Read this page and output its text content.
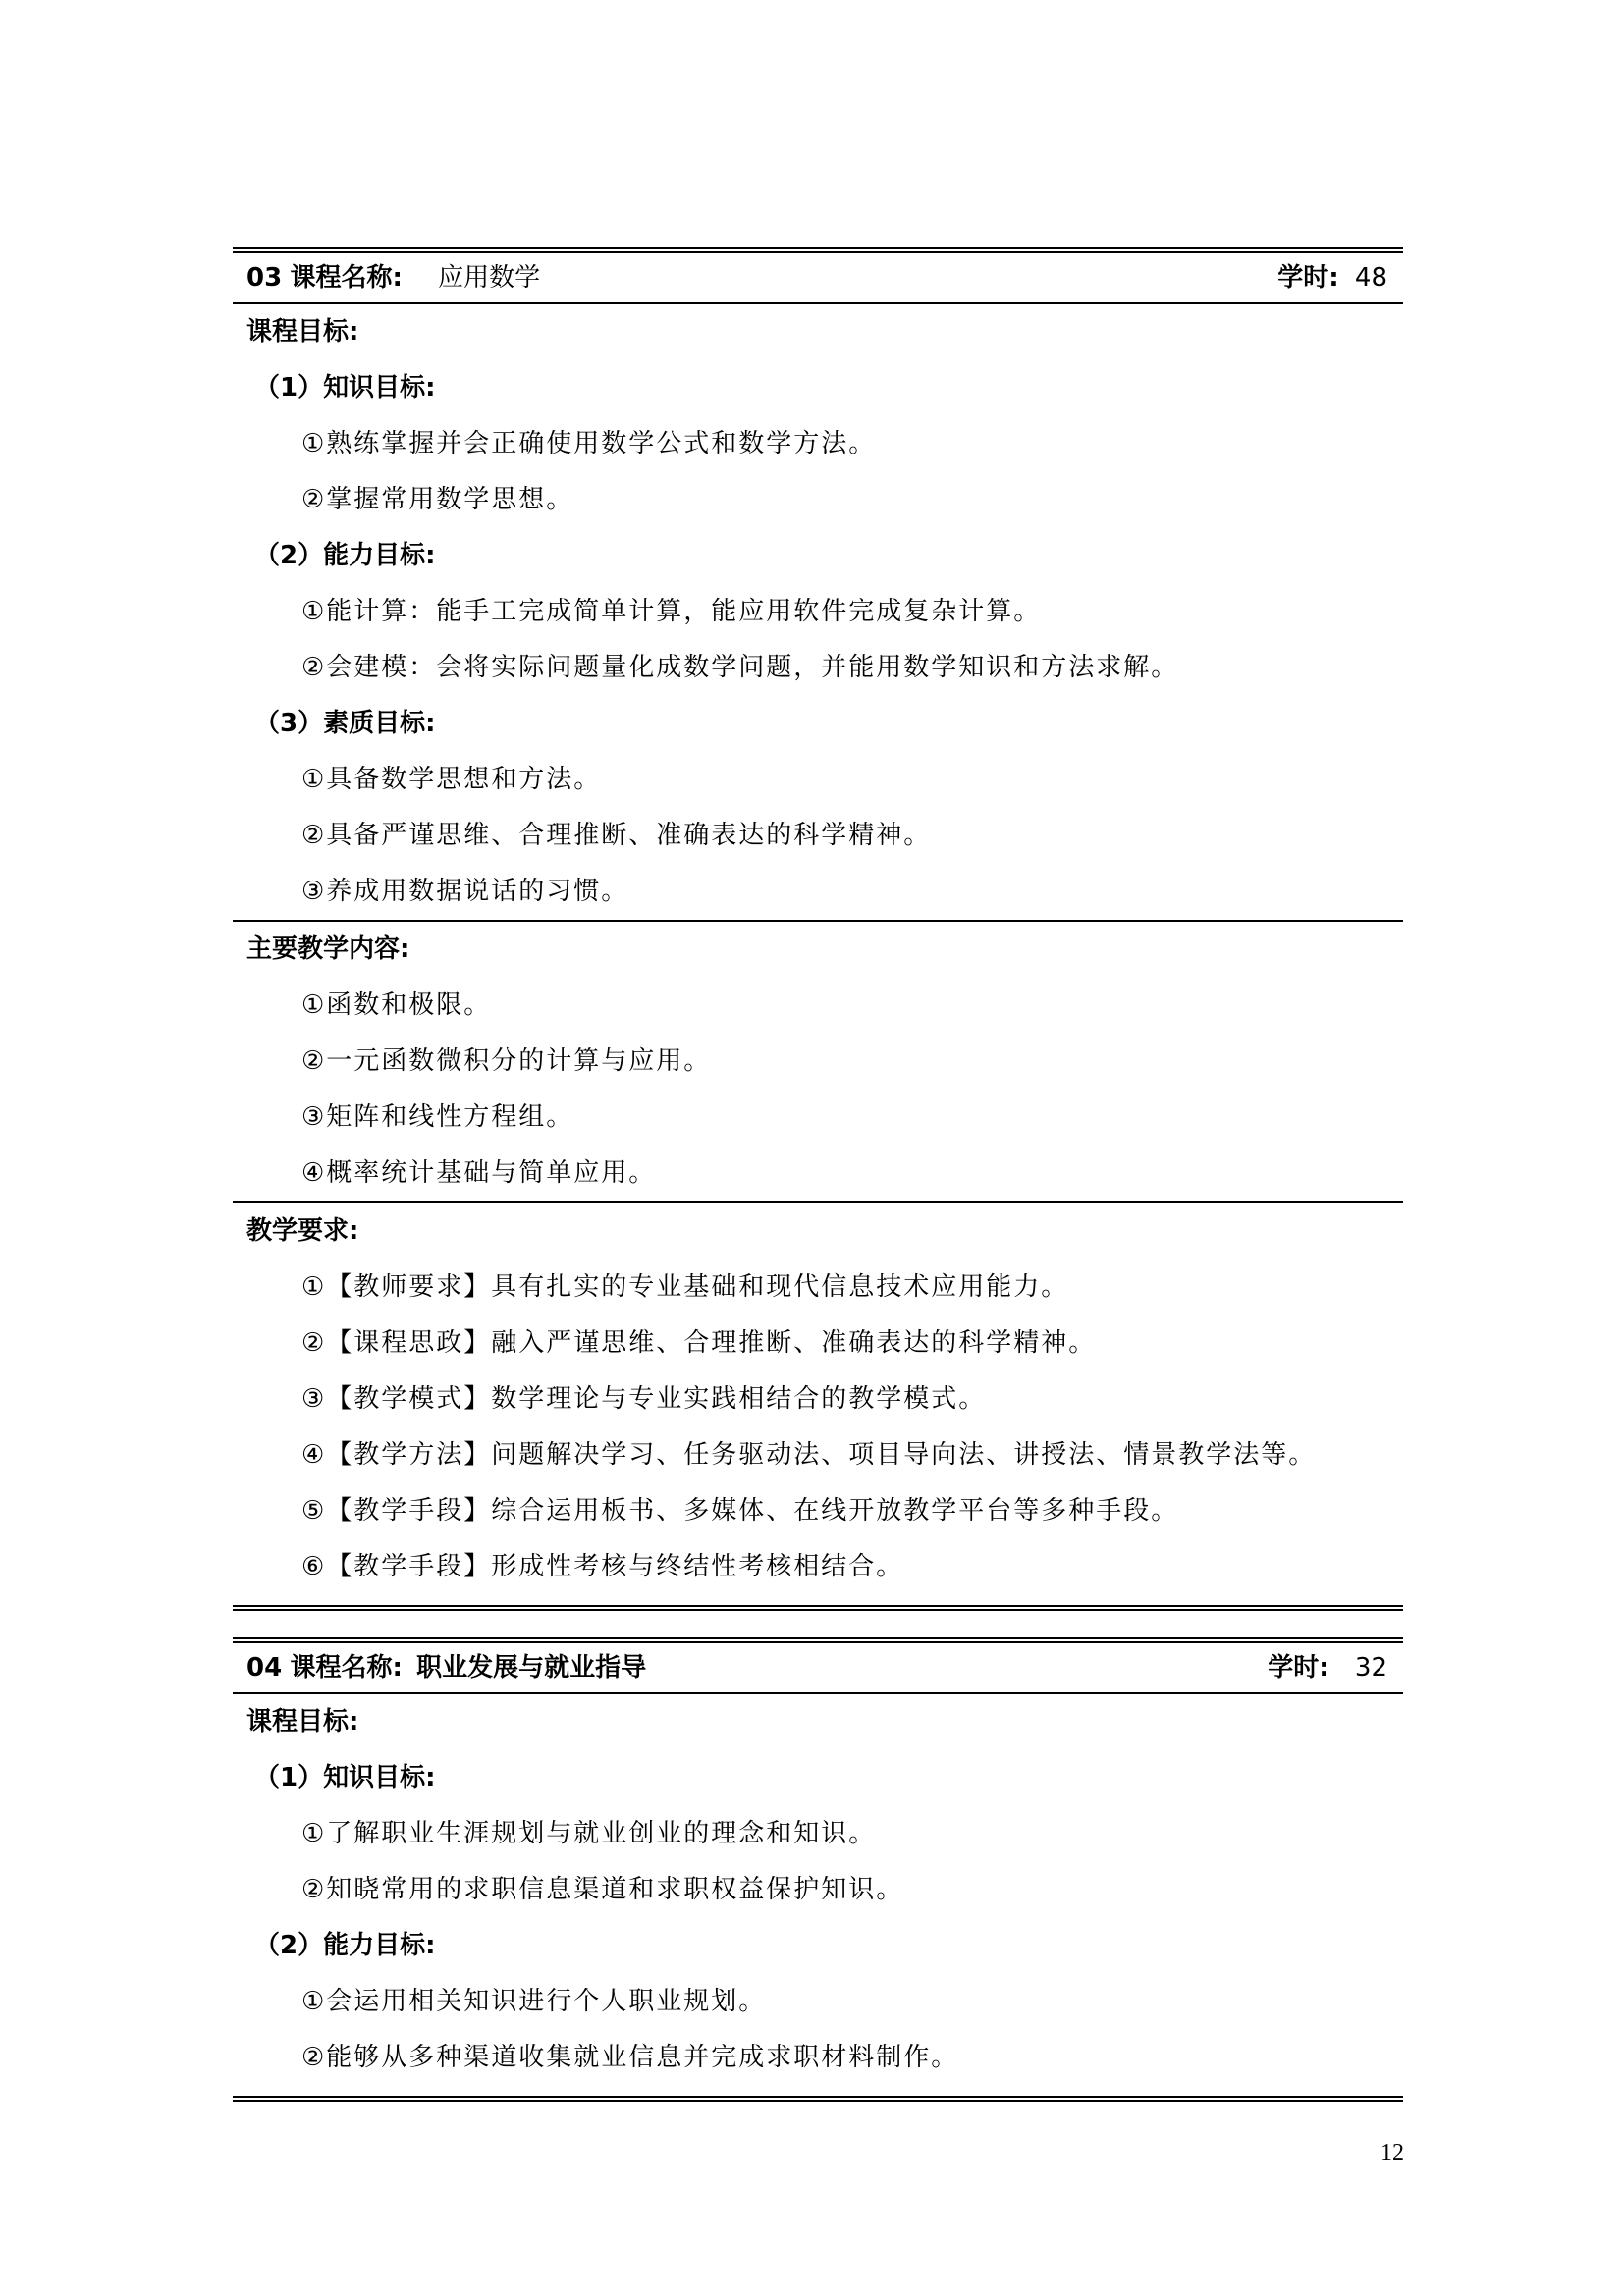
03 课程名称: 应用数学	学时: 48
课程目标:
（1）知识目标:
①熟练掌握并会正确使用数学公式和数学方法。
②掌握常用数学思想。
（2）能力目标:
①能计算：能手工完成简单计算，能应用软件完成复杂计算。
②会建模：会将实际问题量化成数学问题，并能用数学知识和方法求解。
（3）素质目标:
①具备数学思想和方法。
②具备严谨思维、合理推断、准确表达的科学精神。
③养成用数据说话的习惯。
主要教学内容:
①函数和极限。
②一元函数微积分的计算与应用。
③矩阵和线性方程组。
④概率统计基础与简单应用。
教学要求:
①【教师要求】具有扎实的专业基础和现代信息技术应用能力。
②【课程思政】融入严谨思维、合理推断、准确表达的科学精神。
③【教学模式】数学理论与专业实践相结合的教学模式。
④【教学方法】问题解决学习、任务驱动法、项目导向法、讲授法、情景教学法等。
⑤【教学手段】综合运用板书、多媒体、在线开放教学平台等多种手段。
⑥【教学手段】形成性考核与终结性考核相结合。
04 课程名称: 职业发展与就业指导	学时: 32
课程目标:
（1）知识目标:
①了解职业生涯规划与就业创业的理念和知识。
②知晓常用的求职信息渠道和求职权益保护知识。
（2）能力目标:
①会运用相关知识进行个人职业规划。
②能够从多种渠道收集就业信息并完成求职材料制作。
12
